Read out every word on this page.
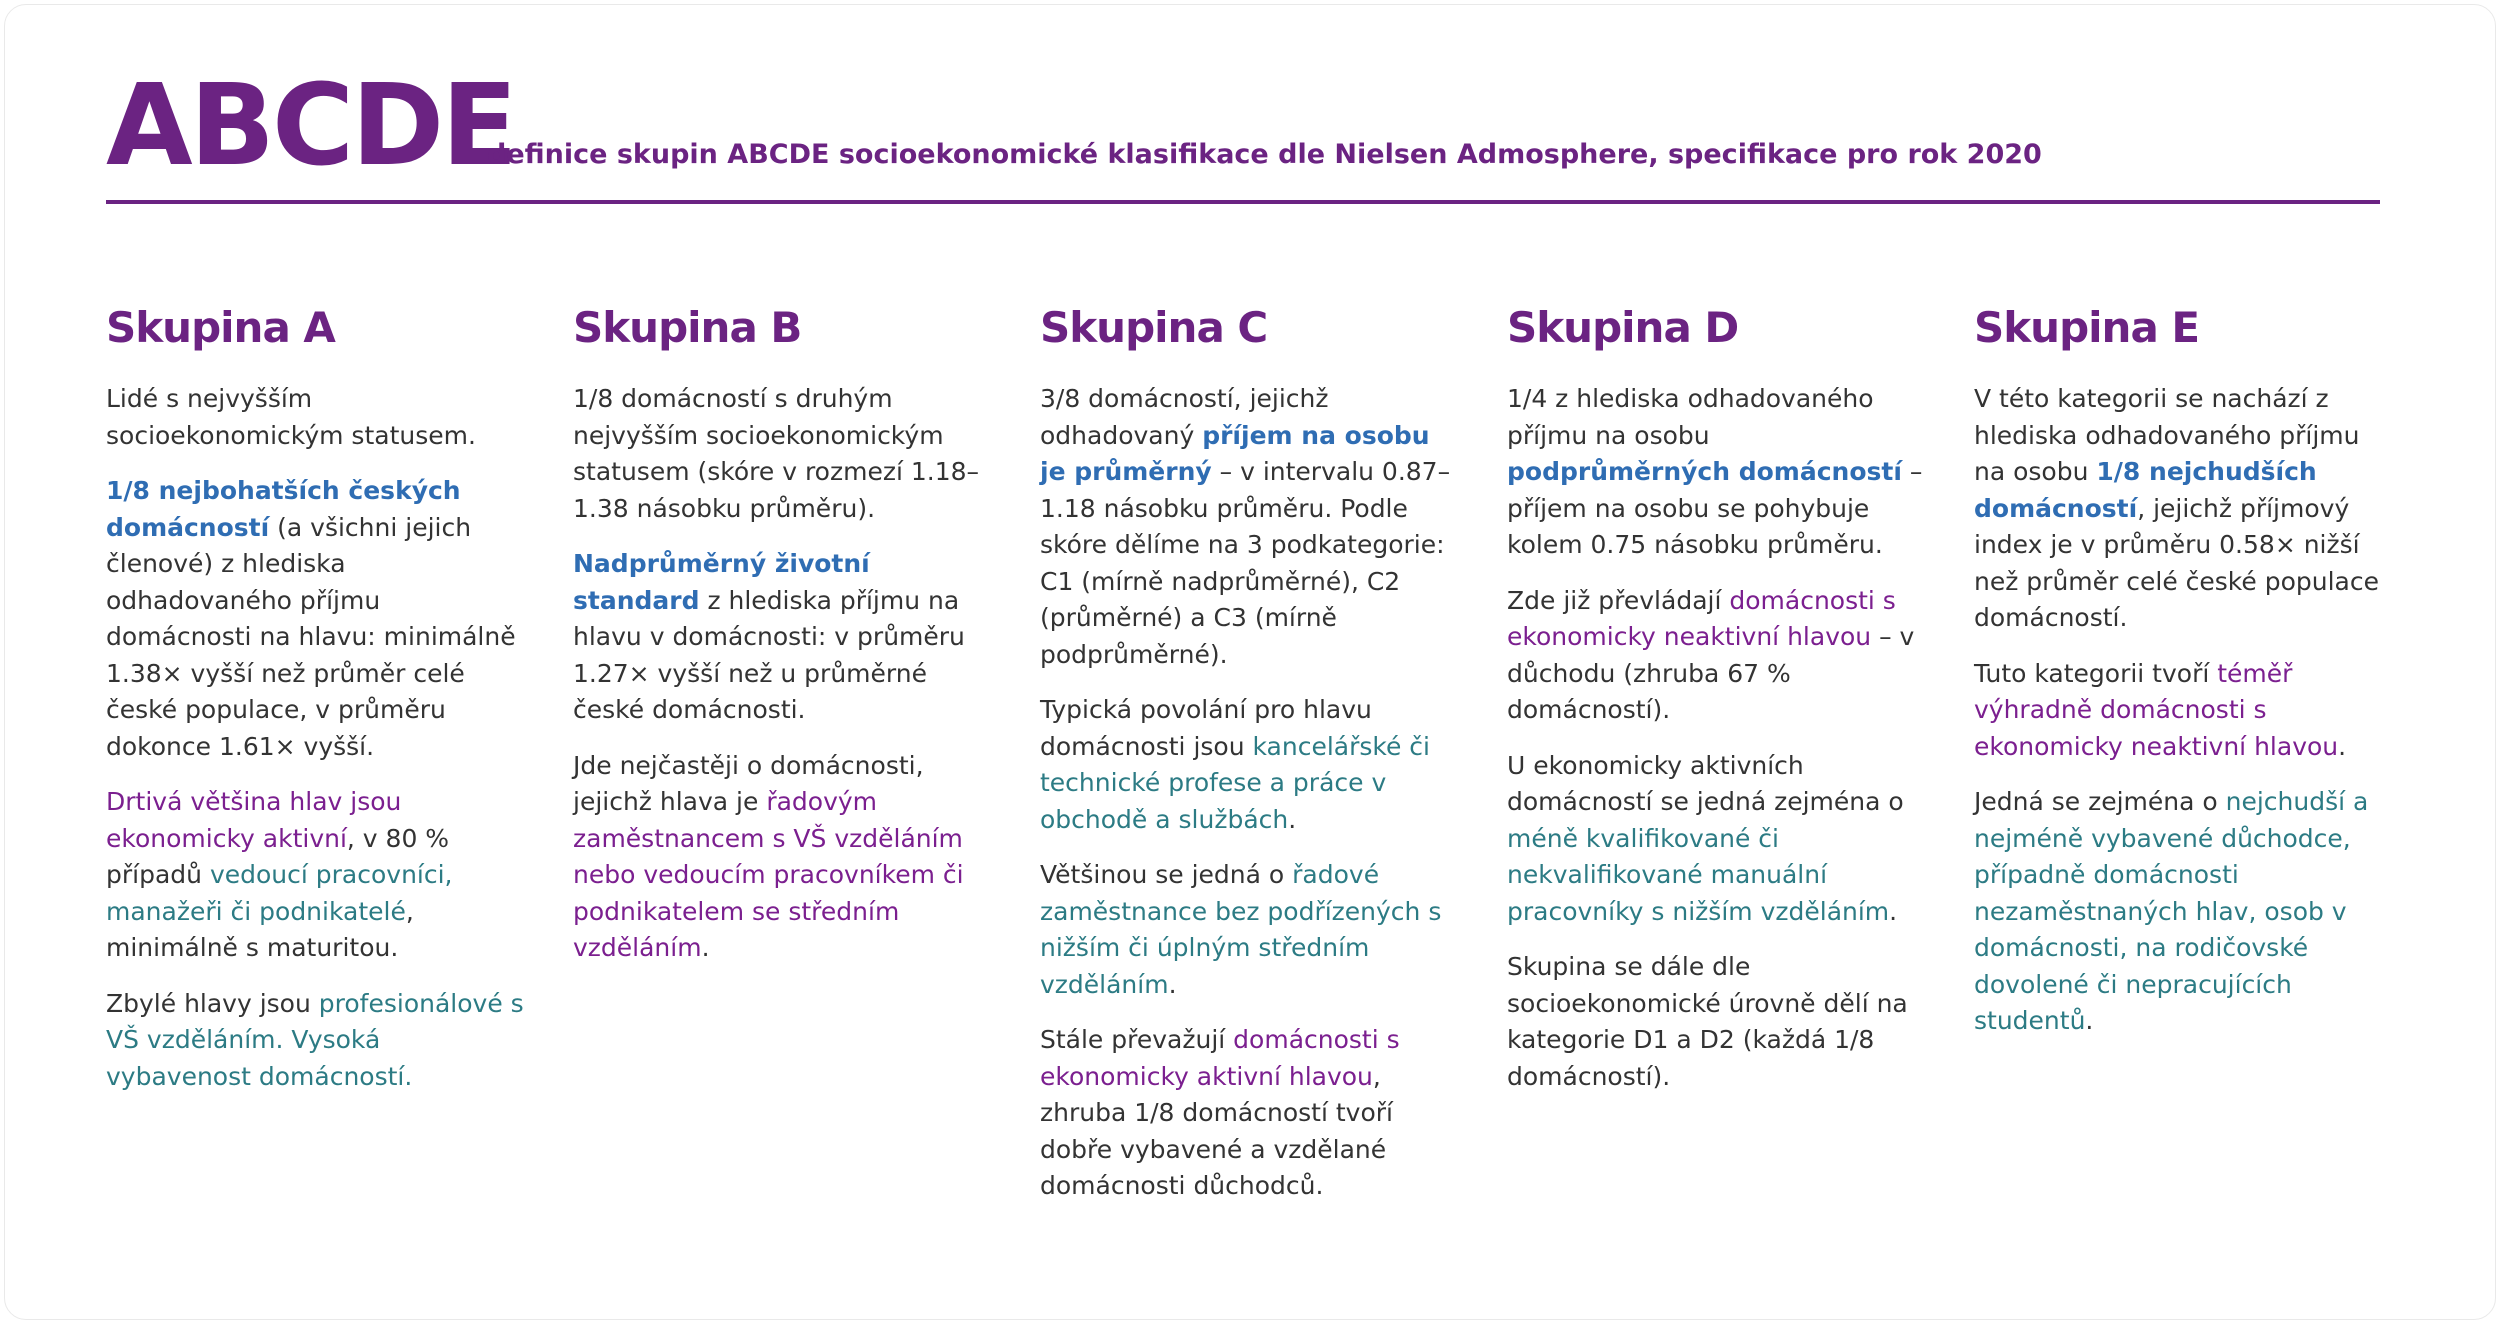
ABCDE
definice skupin ABCDE socioekonomické klasifikace dle Nielsen Admosphere, specifikace pro rok 2020
Skupina A

Lidé s nejvyšším socioekonomickým statusem.

1/8 nejbohatších českých domácností (a všichni jejich členové) z hlediska odhadovaného příjmu domácnosti na hlavu: minimálně 1.38× vyšší než průměr celé české populace, v průměru dokonce 1.61× vyšší.

Drtivá většina hlav jsou ekonomicky aktivní, v 80 % případů vedoucí pracovníci, manažeři či podnikatelé, minimálně s maturitou.

Zbylé hlavy jsou profesionálové s VŠ vzděláním. Vysoká vybavenost domácností.

Skupina B

1/8 domácností s druhým nejvyšším socioekonomickým statusem (skóre v rozmezí 1.18–1.38 násobku průměru).

Nadprůměrný životní standard z hlediska příjmu na hlavu v domácnosti: v průměru 1.27× vyšší než u průměrné české domácnosti.

Jde nejčastěji o domácnosti, jejichž hlava je řadovým zaměstnancem s VŠ vzděláním nebo vedoucím pracovníkem či podnikatelem se středním vzděláním.

Skupina C

3/8 domácností, jejichž odhadovaný příjem na osobu je průměrný – v intervalu 0.87–1.18 násobku průměru. Podle skóre dělíme na 3 podkategorie: C1 (mírně nadprůměrné), C2 (průměrné) a C3 (mírně podprůměrné).

Typická povolání pro hlavu domácnosti jsou kancelářské či technické profese a práce v obchodě a službách.

Většinou se jedná o řadové zaměstnance bez podřízených s nižším či úplným středním vzděláním.

Stále převažují domácnosti s ekonomicky aktivní hlavou, zhruba 1/8 domácností tvoří dobře vybavené a vzdělané domácnosti důchodců.

Skupina D

1/4 z hlediska odhadovaného příjmu na osobu podprůměrných domácností – příjem na osobu se pohybuje kolem 0.75 násobku průměru.

Zde již převládají domácnosti s ekonomicky neaktivní hlavou – v důchodu (zhruba 67 % domácností).

U ekonomicky aktivních domácností se jedná zejména o méně kvalifikované či nekvalifikované manuální pracovníky s nižším vzděláním.

Skupina se dále dle socioekonomické úrovně dělí na kategorie D1 a D2 (každá 1/8 domácností).

Skupina E

V této kategorii se nachází z hlediska odhadovaného příjmu na osobu 1/8 nejchudších domácností, jejichž příjmový index je v průměru 0.58× nižší než průměr celé české populace domácností.

Tuto kategorii tvoří téměř výhradně domácnosti s ekonomicky neaktivní hlavou.

Jedná se zejména o nejchudší a nejméně vybavené důchodce, případně domácnosti nezaměstnaných hlav, osob v domácnosti, na rodičovské dovolené či nepracujících studentů.
